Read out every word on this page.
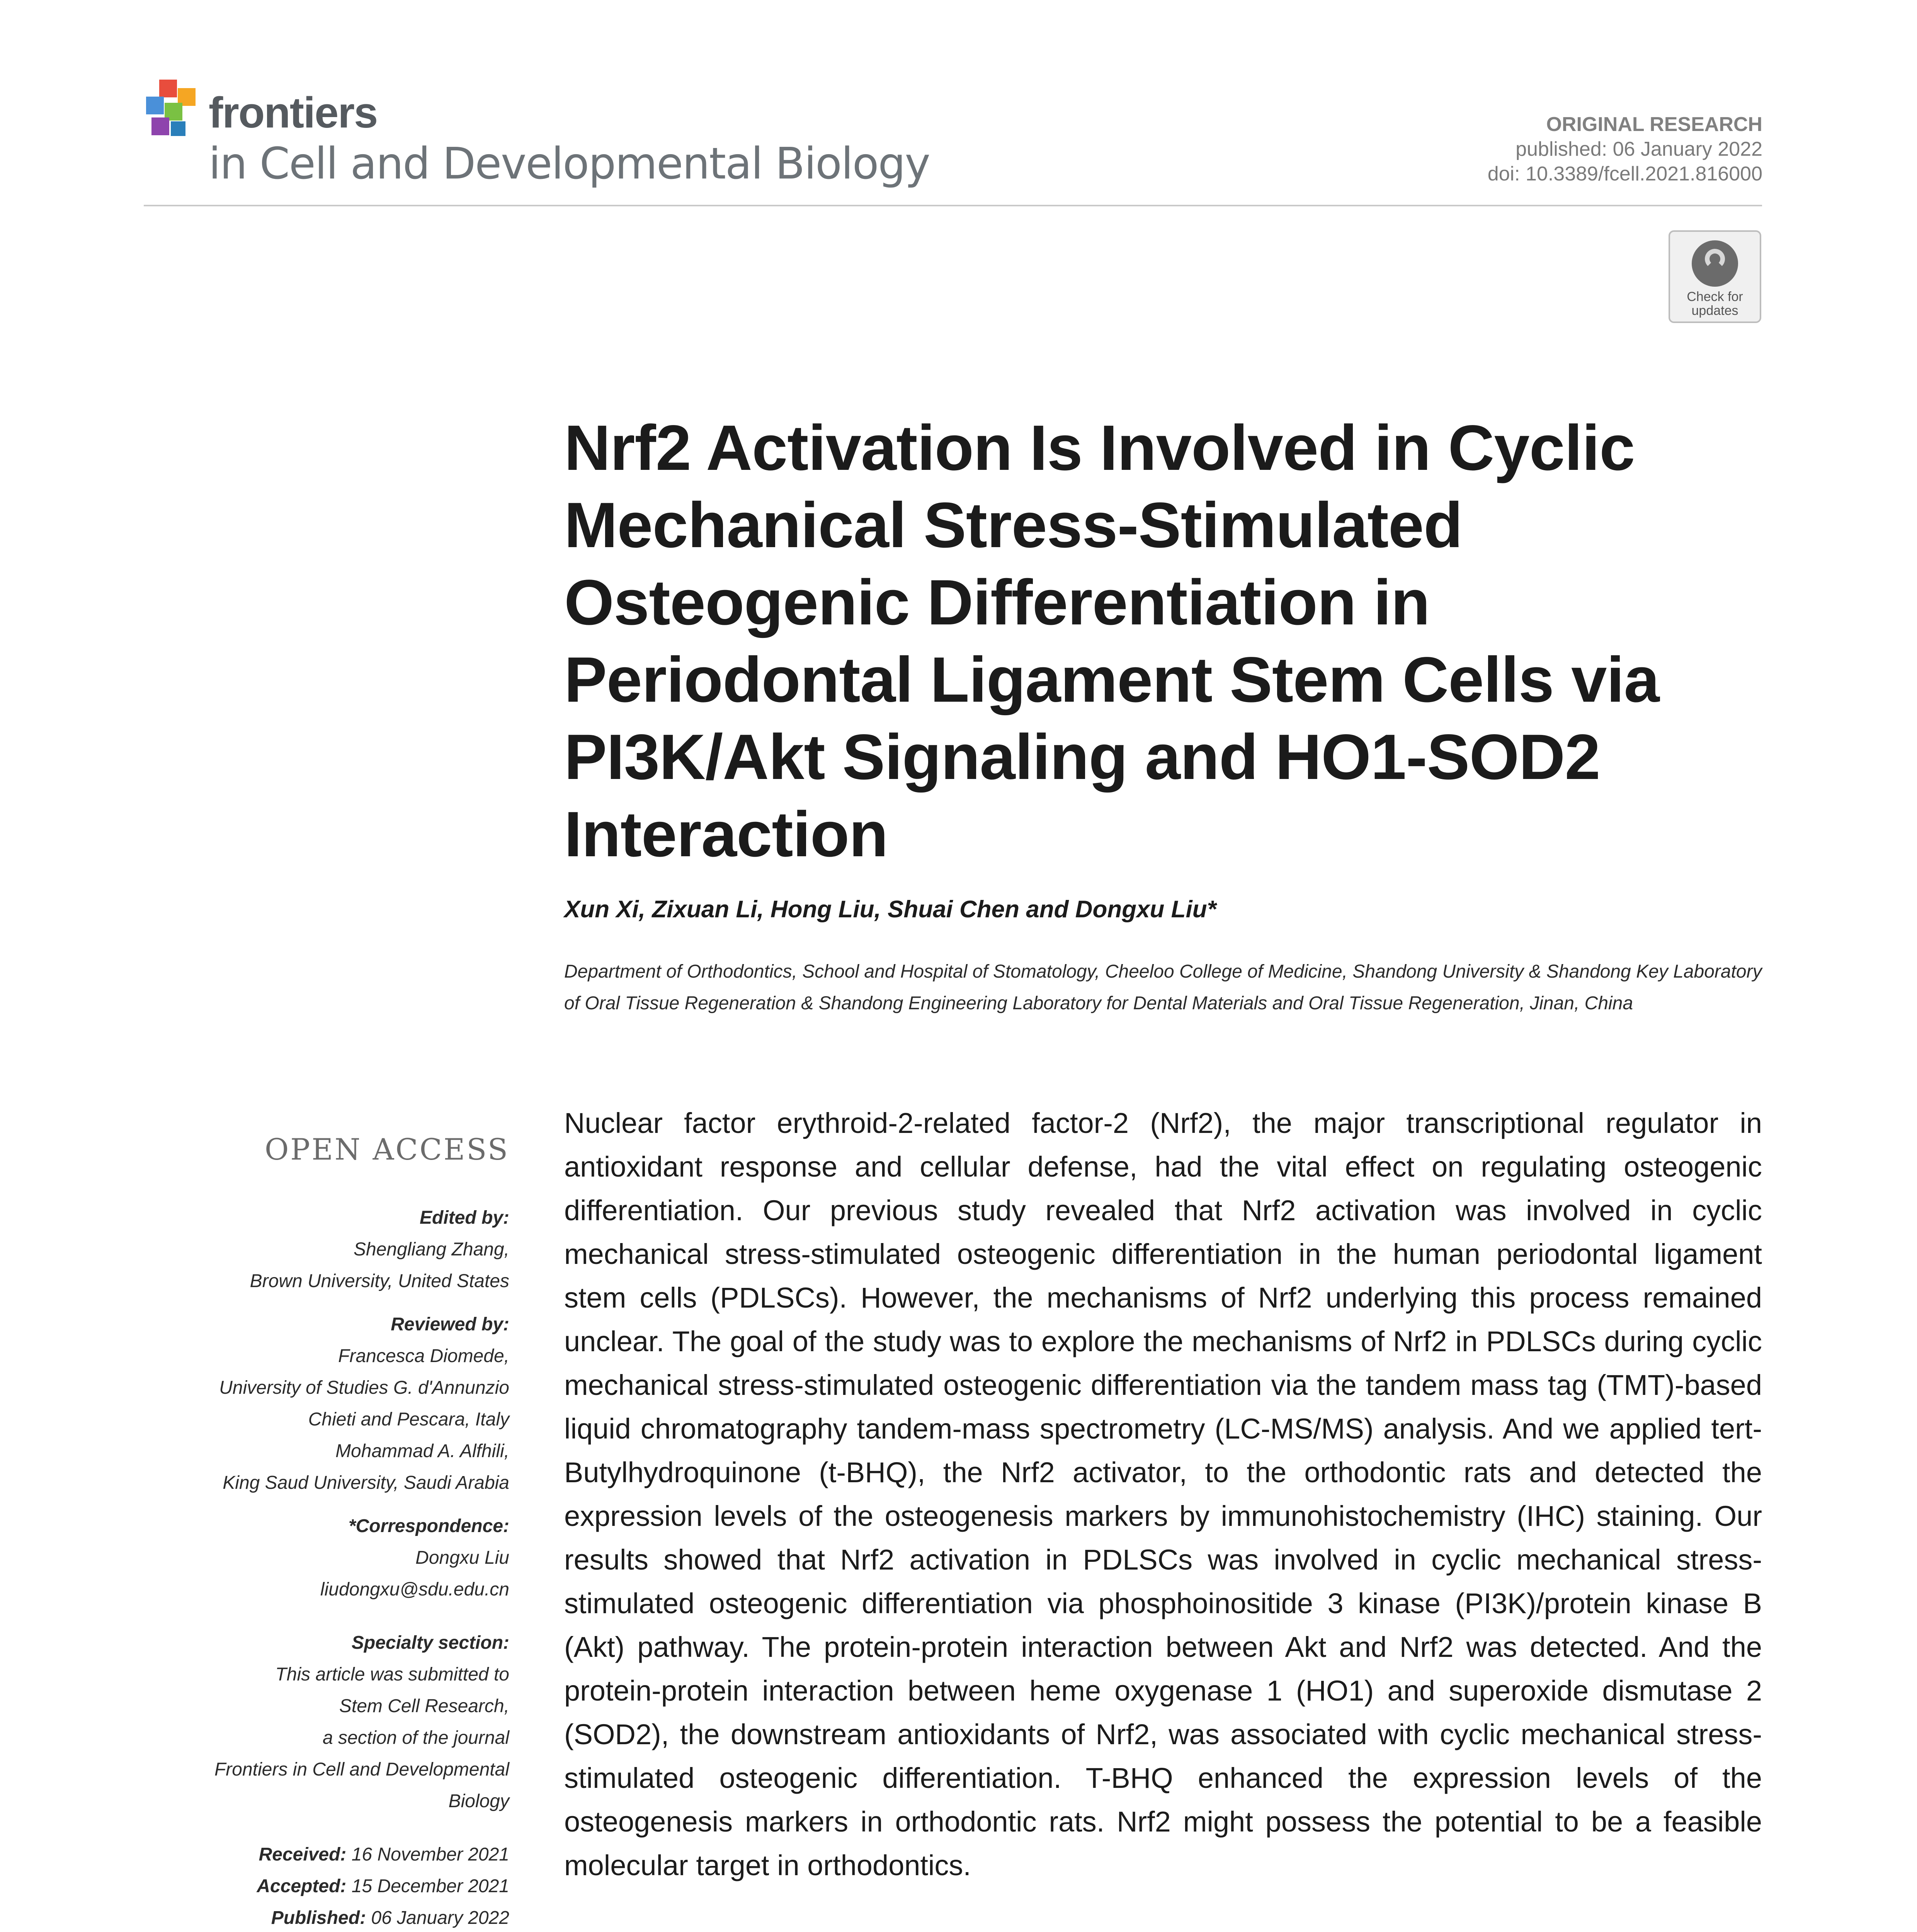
frontiers
in Cell and Developmental Biology
ORIGINAL RESEARCH
published: 06 January 2022
doi: 10.3389/fcell.2021.816000
Check for
updates
Nrf2 Activation Is Involved in Cyclic Mechanical Stress-Stimulated Osteogenic Differentiation in Periodontal Ligament Stem Cells via PI3K/Akt Signaling and HO1-SOD2 Interaction
Xun Xi, Zixuan Li, Hong Liu, Shuai Chen and Dongxu Liu*
Department of Orthodontics, School and Hospital of Stomatology, Cheeloo College of Medicine, Shandong University & Shandong Key Laboratory of Oral Tissue Regeneration & Shandong Engineering Laboratory for Dental Materials and Oral Tissue Regeneration, Jinan, China
OPEN ACCESS
Edited by:
Shengliang Zhang,
Brown University, United States
Reviewed by:
Francesca Diomede,
University of Studies G. d'Annunzio
Chieti and Pescara, Italy
Mohammad A. Alfhili,
King Saud University, Saudi Arabia
*Correspondence:
Dongxu Liu
liudongxu@sdu.edu.cn
Specialty section:
This article was submitted to
Stem Cell Research,
a section of the journal
Frontiers in Cell and Developmental
Biology
Received: 16 November 2021
Accepted: 15 December 2021
Published: 06 January 2022

Nuclear factor erythroid-2-related factor-2 (Nrf2), the major transcriptional regulator in antioxidant response and cellular defense, had the vital effect on regulating osteogenic differentiation. Our previous study revealed that Nrf2 activation was involved in cyclic mechanical stress-stimulated osteogenic differentiation in the human periodontal ligament stem cells (PDLSCs). However, the mechanisms of Nrf2 underlying this process remained unclear. The goal of the study was to explore the mechanisms of Nrf2 in PDLSCs during cyclic mechanical stress-stimulated osteogenic differentiation via the tandem mass tag (TMT)-based liquid chromatography tandem-mass spectrometry (LC-MS/MS) analysis. And we applied tert-Butylhydroquinone (t-BHQ), the Nrf2 activator, to the orthodontic rats and detected the expression levels of the osteogenesis markers by immunohistochemistry (IHC) staining. Our results showed that Nrf2 activation in PDLSCs was involved in cyclic mechanical stress-stimulated osteogenic differentiation via phosphoinositide 3 kinase (PI3K)/protein kinase B (Akt) pathway. The protein-protein interaction between Akt and Nrf2 was detected. And the protein-protein interaction between heme oxygenase 1 (HO1) and superoxide dismutase 2 (SOD2), the downstream antioxidants of Nrf2, was associated with cyclic mechanical stress-stimulated osteogenic differentiation. T-BHQ enhanced the expression levels of the osteogenesis markers in orthodontic rats. Nrf2 might possess the potential to be a feasible molecular target in orthodontics.
